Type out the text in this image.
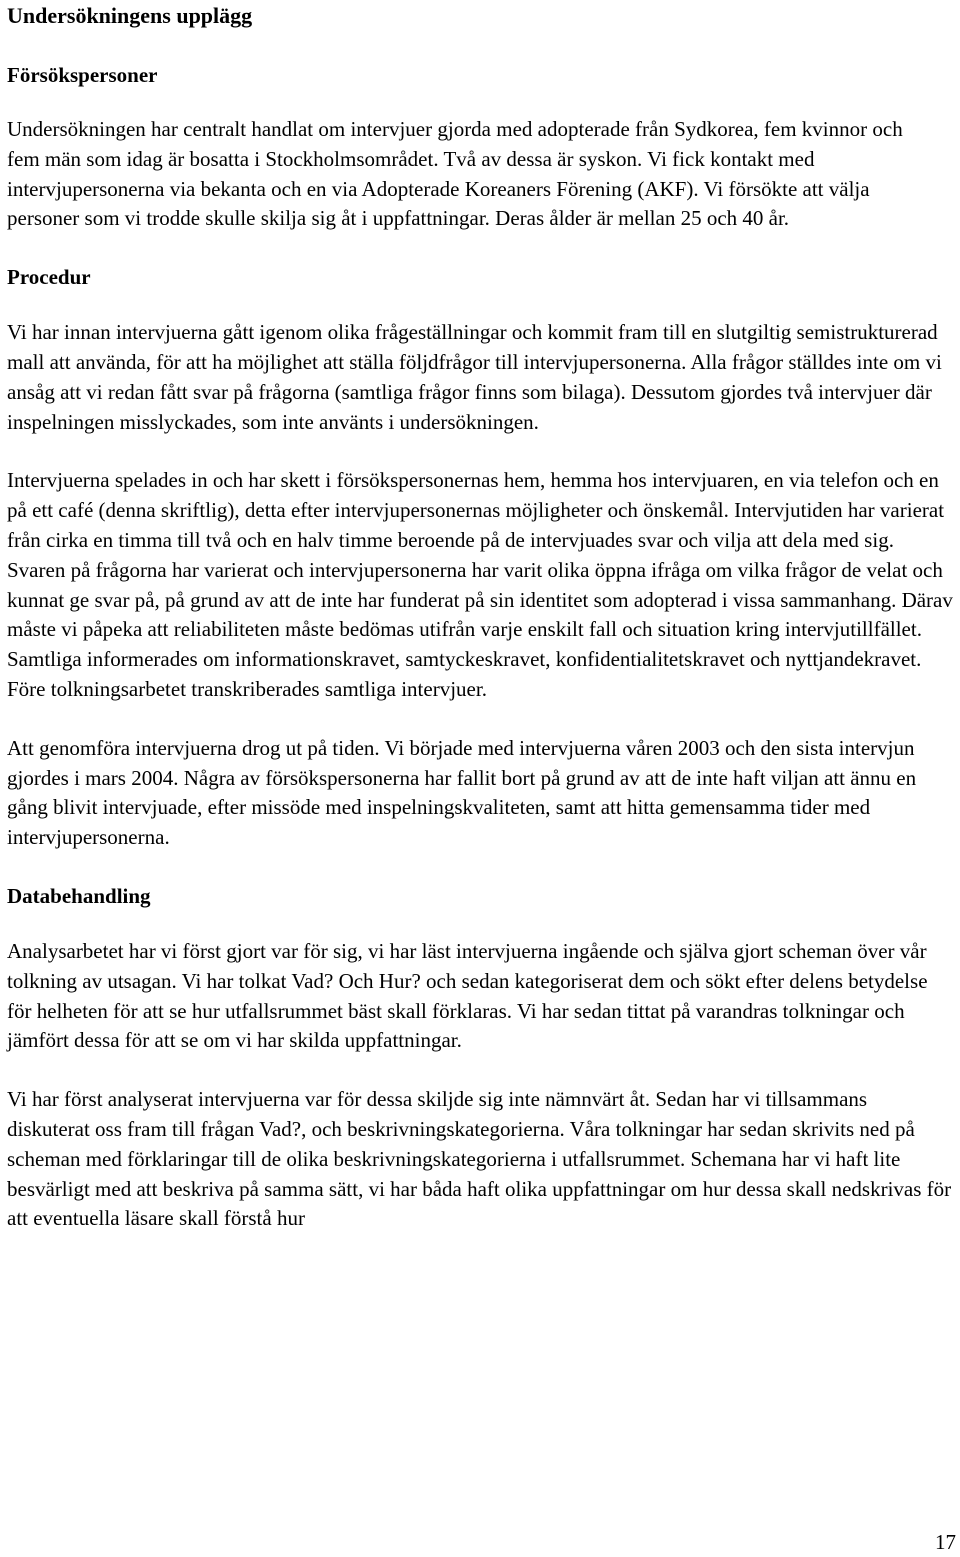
Undersökningens upplägg
Försökspersoner

Undersökningen har centralt handlat om intervjuer gjorda med adopterade från Sydkorea, fem kvinnor och fem män som idag är bosatta i Stockholmsområdet. Två av dessa är syskon. Vi fick kontakt med intervjupersonerna via bekanta och en via Adopterade Koreaners Förening (AKF). Vi försökte att välja personer som vi trodde skulle skilja sig åt i uppfattningar. Deras ålder är mellan 25 och 40 år.

Procedur

Vi har innan intervjuerna gått igenom olika frågeställningar och kommit fram till en slutgiltig semistrukturerad mall att använda, för att ha möjlighet att ställa följdfrågor till intervjupersonerna. Alla frågor ställdes inte om vi ansåg att vi redan fått svar på frågorna (samtliga frågor finns som bilaga). Dessutom gjordes två intervjuer där inspelningen misslyckades, som inte använts i undersökningen.

Intervjuerna spelades in och har skett i försökspersonernas hem, hemma hos intervjuaren, en via telefon och en på ett café (denna skriftlig), detta efter intervjupersonernas möjligheter och önskemål. Intervjutiden har varierat från cirka en timma till två och en halv timme beroende på de intervjuades svar och vilja att dela med sig. Svaren på frågorna har varierat och intervjupersonerna har varit olika öppna ifråga om vilka frågor de velat och kunnat ge svar på, på grund av att de inte har funderat på sin identitet som adopterad i vissa sammanhang. Därav måste vi påpeka att reliabiliteten måste bedömas utifrån varje enskilt fall och situation kring intervjutillfället. Samtliga informerades om informationskravet, samtyckeskravet, konfidentialitetskravet och nyttjandekravet. Före tolkningsarbetet transkriberades samtliga intervjuer.

Att genomföra intervjuerna drog ut på tiden. Vi började med intervjuerna våren 2003 och den sista intervjun gjordes i mars 2004. Några av försökspersonerna har fallit bort på grund av att de inte haft viljan att ännu en gång blivit intervjuade, efter missöde med inspelningskvaliteten, samt att hitta gemensamma tider med intervjupersonerna.

Databehandling

Analysarbetet har vi först gjort var för sig, vi har läst intervjuerna ingående och själva gjort scheman över vår tolkning av utsagan. Vi har tolkat Vad? Och Hur? och sedan kategoriserat dem och sökt efter delens betydelse för helheten för att se hur utfallsrummet bäst skall förklaras. Vi har sedan tittat på varandras tolkningar och jämfört dessa för att se om vi har skilda uppfattningar.

Vi har först analyserat intervjuerna var för dessa skiljde sig inte nämnvärt åt. Sedan har vi tillsammans diskuterat oss fram till frågan Vad?, och beskrivningskategorierna. Våra tolkningar har sedan skrivits ned på scheman med förklaringar till de olika beskrivningskategorierna i utfallsrummet. Schemana har vi haft lite besvärligt med att beskriva på samma sätt, vi har båda haft olika uppfattningar om hur dessa skall nedskrivas för att eventuella läsare skall förstå hur

17
